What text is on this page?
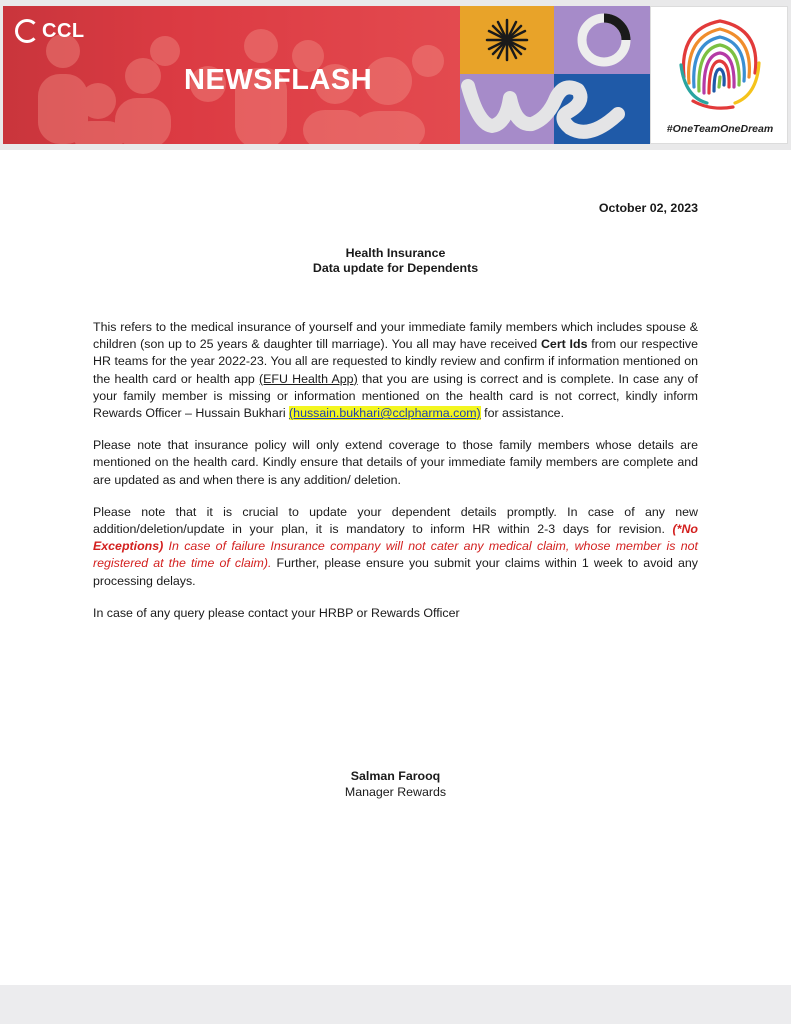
CCL
NEWSFLASH
#OneTeamOneDream
October 02, 2023
Health Insurance
Data update for Dependents

This refers to the medical insurance of yourself and your immediate family members which includes spouse & children (son up to 25 years & daughter till marriage). You all may have received Cert Ids from our respective HR teams for the year 2022-23. You all are requested to kindly review and confirm if information mentioned on the health card or health app (EFU Health App) that you are using is correct and is complete. In case any of your family member is missing or information mentioned on the health card is not correct, kindly inform Rewards Officer – Hussain Bukhari (hussain.bukhari@cclpharma.com) for assistance.

Please note that insurance policy will only extend coverage to those family members whose details are mentioned on the health card. Kindly ensure that details of your immediate family members are complete and are updated as and when there is any addition/ deletion.

Please note that it is crucial to update your dependent details promptly. In case of any new addition/deletion/update in your plan, it is mandatory to inform HR within 2-3 days for revision. (*No Exceptions) In case of failure Insurance company will not cater any medical claim, whose member is not registered at the time of claim). Further, please ensure you submit your claims within 1 week to avoid any processing delays.

In case of any query please contact your HRBP or Rewards Officer

Salman Farooq
Manager Rewards
